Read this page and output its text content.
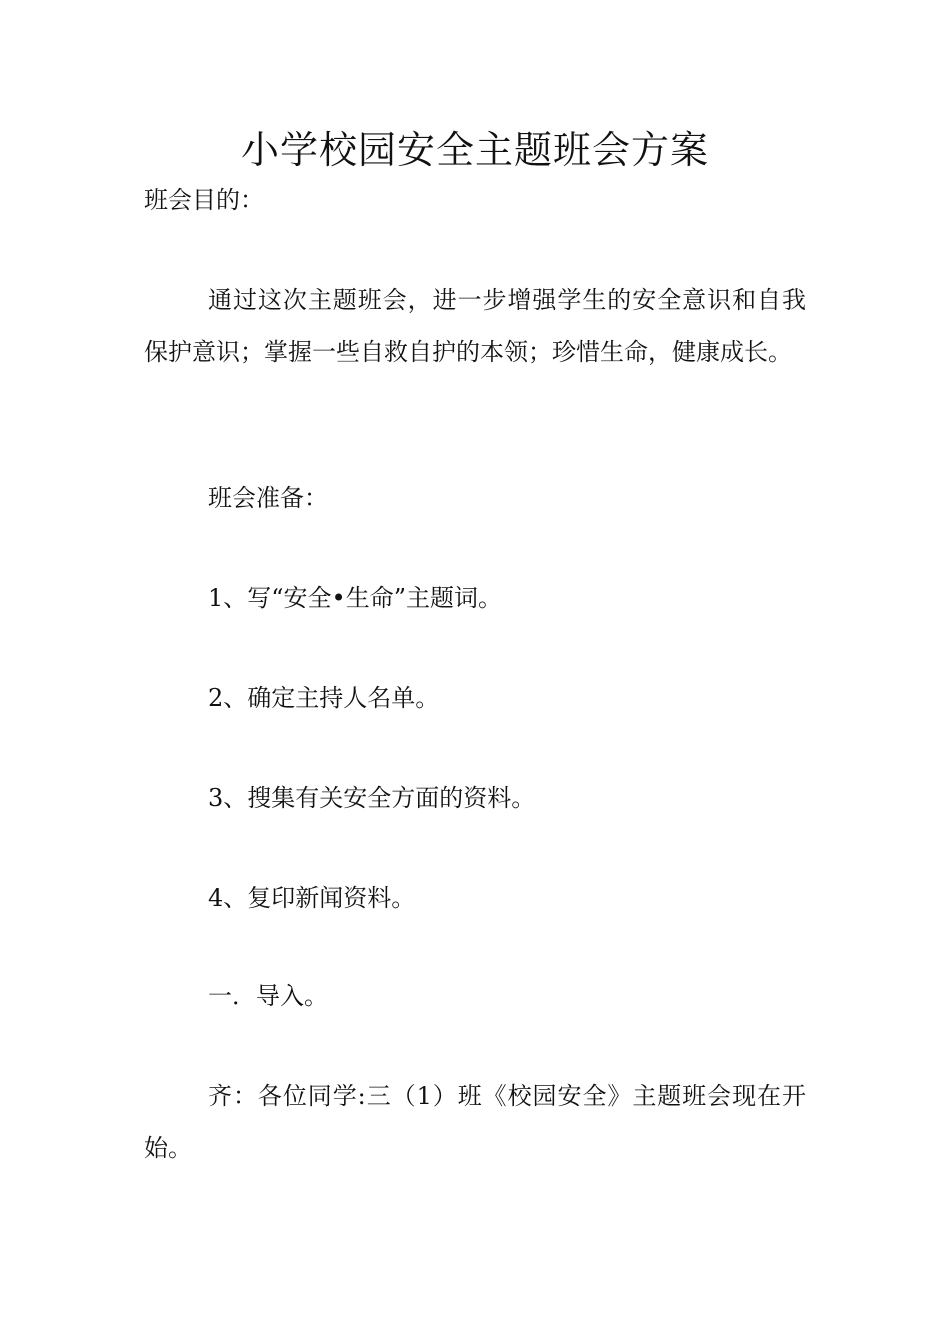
小学校园安全主题班会方案

班会目的：

通过这次主题班会，进一步增强学生的安全意识和自我保护意识；掌握一些自救自护的本领；珍惜生命，健康成长。

班会准备：

1、写“安全•生命”主题词。

2、确定主持人名单。

3、搜集有关安全方面的资料。

4、复印新闻资料。

一．导入。

齐：各位同学:三（1）班《校园安全》主题班会现在开始。
